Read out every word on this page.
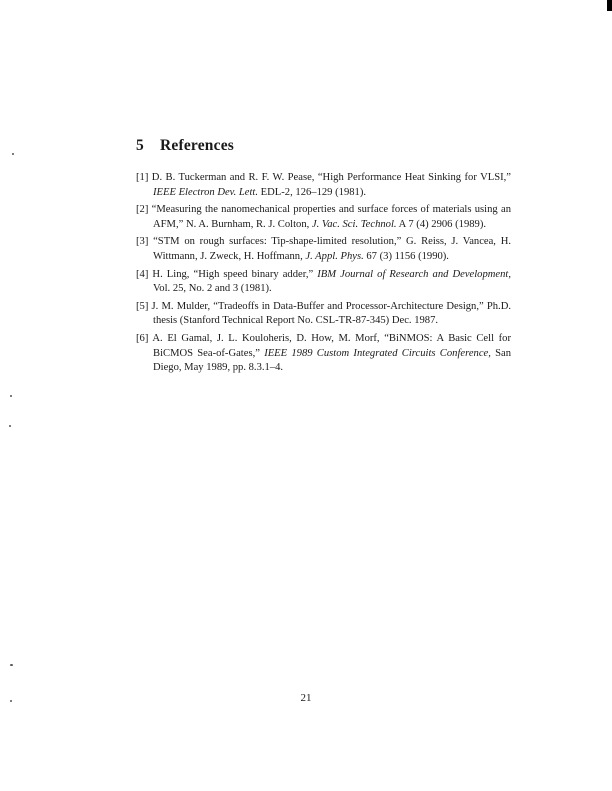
5 References
[1] D. B. Tuckerman and R. F. W. Pease, “High Performance Heat Sinking for VLSI,” IEEE Electron Dev. Lett. EDL-2, 126–129 (1981).
[2] “Measuring the nanomechanical properties and surface forces of materials using an AFM,” N. A. Burnham, R. J. Colton, J. Vac. Sci. Technol. A 7 (4) 2906 (1989).
[3] “STM on rough surfaces: Tip-shape-limited resolution,” G. Reiss, J. Vancea, H. Wittmann, J. Zweck, H. Hoffmann, J. Appl. Phys. 67 (3) 1156 (1990).
[4] H. Ling, “High speed binary adder,” IBM Journal of Research and Development, Vol. 25, No. 2 and 3 (1981).
[5] J. M. Mulder, “Tradeoffs in Data-Buffer and Processor-Architecture Design,” Ph.D. thesis (Stanford Technical Report No. CSL-TR-87-345) Dec. 1987.
[6] A. El Gamal, J. L. Kouloheris, D. How, M. Morf, “BiNMOS: A Basic Cell for BiCMOS Sea-of-Gates,” IEEE 1989 Custom Integrated Circuits Conference, San Diego, May 1989, pp. 8.3.1–4.
21
